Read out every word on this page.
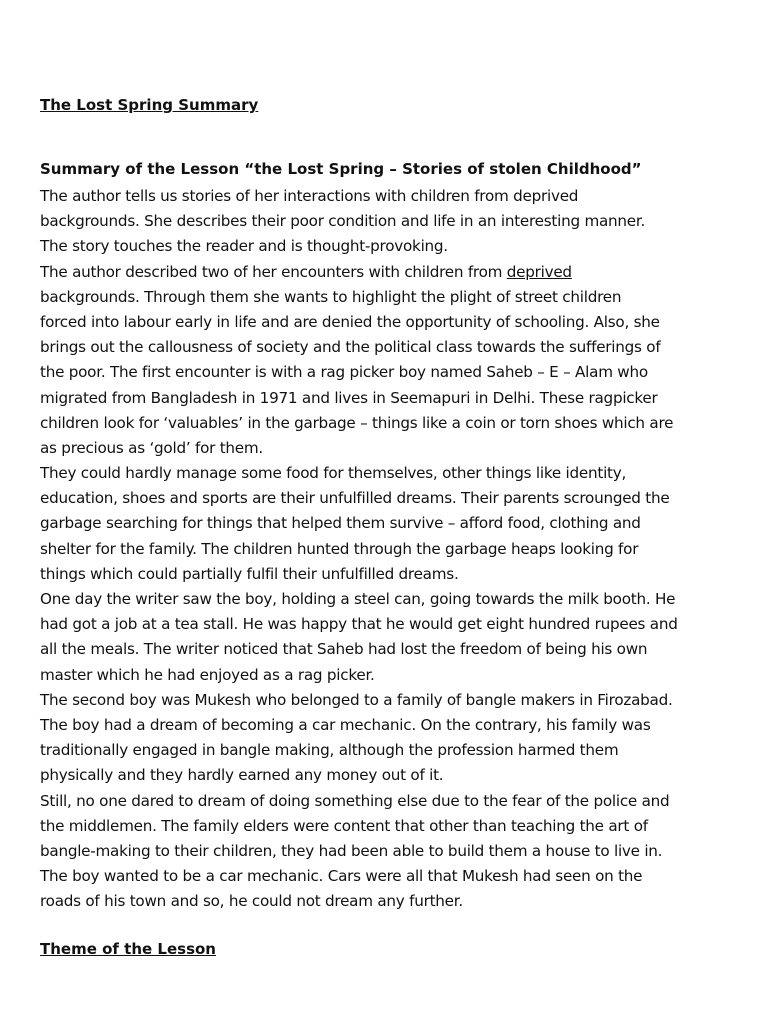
The Lost Spring Summary
Summary of the Lesson “the Lost Spring – Stories of stolen Childhood”
The author tells us stories of her interactions with children from deprived
backgrounds. She describes their poor condition and life in an interesting manner.
The story touches the reader and is thought-provoking.
The author described two of her encounters with children from deprived
backgrounds. Through them she wants to highlight the plight of street children
forced into labour early in life and are denied the opportunity of schooling. Also, she
brings out the callousness of society and the political class towards the sufferings of
the poor. The first encounter is with a rag picker boy named Saheb – E – Alam who
migrated from Bangladesh in 1971 and lives in Seemapuri in Delhi. These ragpicker
children look for ‘valuables’ in the garbage – things like a coin or torn shoes which are
as precious as ‘gold’ for them.
They could hardly manage some food for themselves, other things like identity,
education, shoes and sports are their unfulfilled dreams. Their parents scrounged the
garbage searching for things that helped them survive – afford food, clothing and
shelter for the family. The children hunted through the garbage heaps looking for
things which could partially fulfil their unfulfilled dreams.
One day the writer saw the boy, holding a steel can, going towards the milk booth. He
had got a job at a tea stall. He was happy that he would get eight hundred rupees and
all the meals. The writer noticed that Saheb had lost the freedom of being his own
master which he had enjoyed as a rag picker.
The second boy was Mukesh who belonged to a family of bangle makers in Firozabad.
The boy had a dream of becoming a car mechanic. On the contrary, his family was
traditionally engaged in bangle making, although the profession harmed them
physically and they hardly earned any money out of it.
Still, no one dared to dream of doing something else due to the fear of the police and
the middlemen. The family elders were content that other than teaching the art of
bangle-making to their children, they had been able to build them a house to live in.
The boy wanted to be a car mechanic. Cars were all that Mukesh had seen on the
roads of his town and so, he could not dream any further.
Theme of the Lesson
